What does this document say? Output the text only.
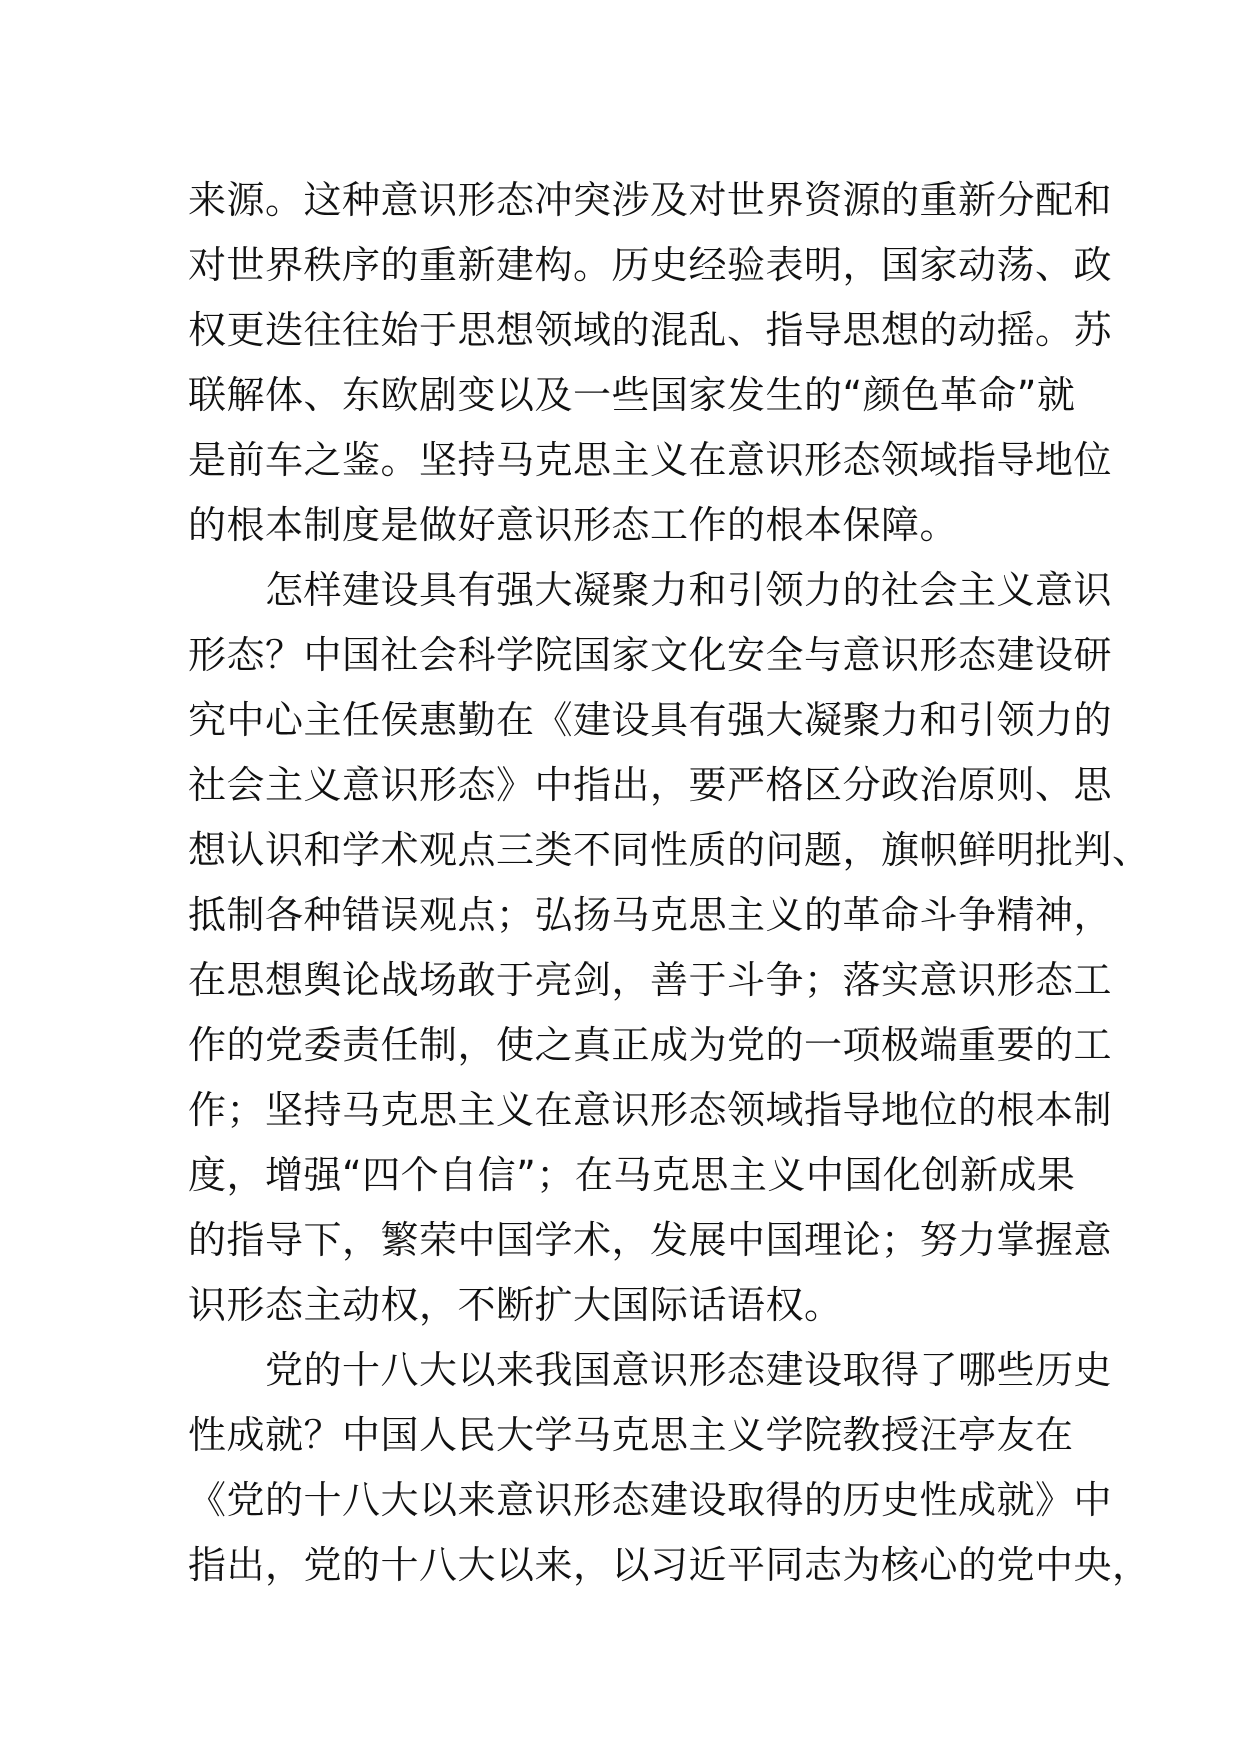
来源。这种意识形态冲突涉及对世界资源的重新分配和
对世界秩序的重新建构。历史经验表明，国家动荡、政
权更迭往往始于思想领域的混乱、指导思想的动摇。苏
联解体、东欧剧变以及一些国家发生的“颜色革命”就
是前车之鉴。坚持马克思主义在意识形态领域指导地位
的根本制度是做好意识形态工作的根本保障。
　　怎样建设具有强大凝聚力和引领力的社会主义意识
形态？中国社会科学院国家文化安全与意识形态建设研
究中心主任侯惠勤在《建设具有强大凝聚力和引领力的
社会主义意识形态》中指出，要严格区分政治原则、思
想认识和学术观点三类不同性质的问题，旗帜鲜明批判、
抵制各种错误观点；弘扬马克思主义的革命斗争精神，
在思想舆论战场敢于亮剑，善于斗争；落实意识形态工
作的党委责任制，使之真正成为党的一项极端重要的工
作；坚持马克思主义在意识形态领域指导地位的根本制
度，增强“四个自信”；在马克思主义中国化创新成果
的指导下，繁荣中国学术，发展中国理论；努力掌握意
识形态主动权，不断扩大国际话语权。
　　党的十八大以来我国意识形态建设取得了哪些历史
性成就？中国人民大学马克思主义学院教授汪亭友在
《党的十八大以来意识形态建设取得的历史性成就》中
指出，党的十八大以来，以习近平同志为核心的党中央，
